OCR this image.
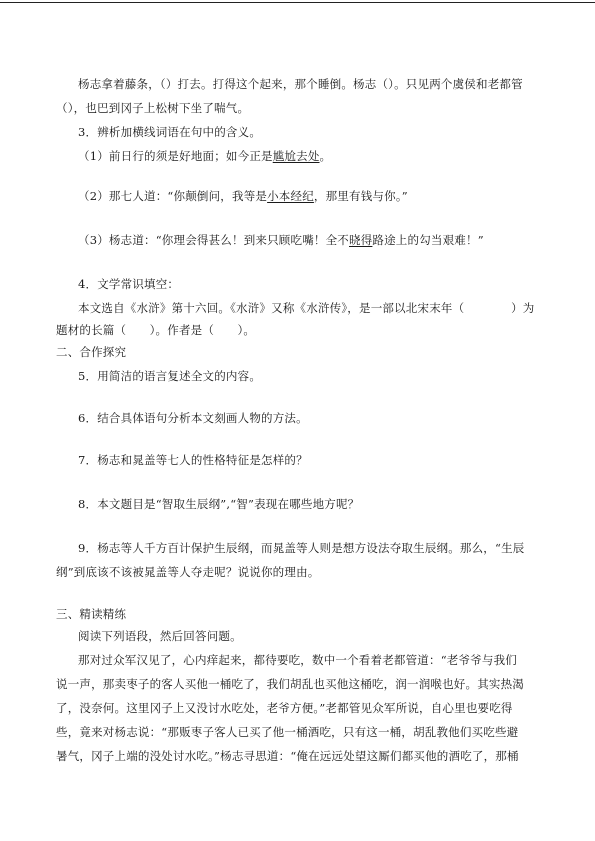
杨志拿着藤条，（）打去。打得这个起来，那个睡倒。杨志（）。只见两个虞侯和老都管
（），也巴到冈子上松树下坐了喘气。
3．辨析加横线词语在句中的含义。
（1）前日行的须是好地面；如今正是尴尬去处。
（2）那七人道：“你颠倒问，我等是小本经纪，那里有钱与你。”
（3）杨志道：“你理会得甚么！到来只顾吃嘴！全不晓得路途上的勾当艰难！”
4．文学常识填空：
本文选自《水浒》第十六回。《水浒》又称《水浒传》，是一部以北宋末年（　　　　）为
题材的长篇（　　）。作者是（　　）。
二、合作探究
5．用简洁的语言复述全文的内容。
6．结合具体语句分析本文刻画人物的方法。
7．杨志和晁盖等七人的性格特征是怎样的？
8．本文题目是“智取生辰纲”,“智”表现在哪些地方呢？
9．杨志等人千方百计保护生辰纲，而晁盖等人则是想方设法夺取生辰纲。那么，“生辰
纲”到底该不该被晁盖等人夺走呢？说说你的理由。
三、精读精练
阅读下列语段，然后回答问题。
那对过众军汉见了，心内痒起来，都待要吃，数中一个看着老都管道：“老爷爷与我们
说一声，那卖枣子的客人买他一桶吃了，我们胡乱也买他这桶吃，润一润喉也好。其实热渴
了，没奈何。这里冈子上又没讨水吃处，老爷方便。”老都管见众军所说，自心里也要吃得
些，竟来对杨志说：“那贩枣子客人已买了他一桶酒吃，只有这一桶，胡乱教他们买吃些避
暑气，冈子上端的没处讨水吃。”杨志寻思道：“俺在远远处望这厮们都买他的酒吃了，那桶
